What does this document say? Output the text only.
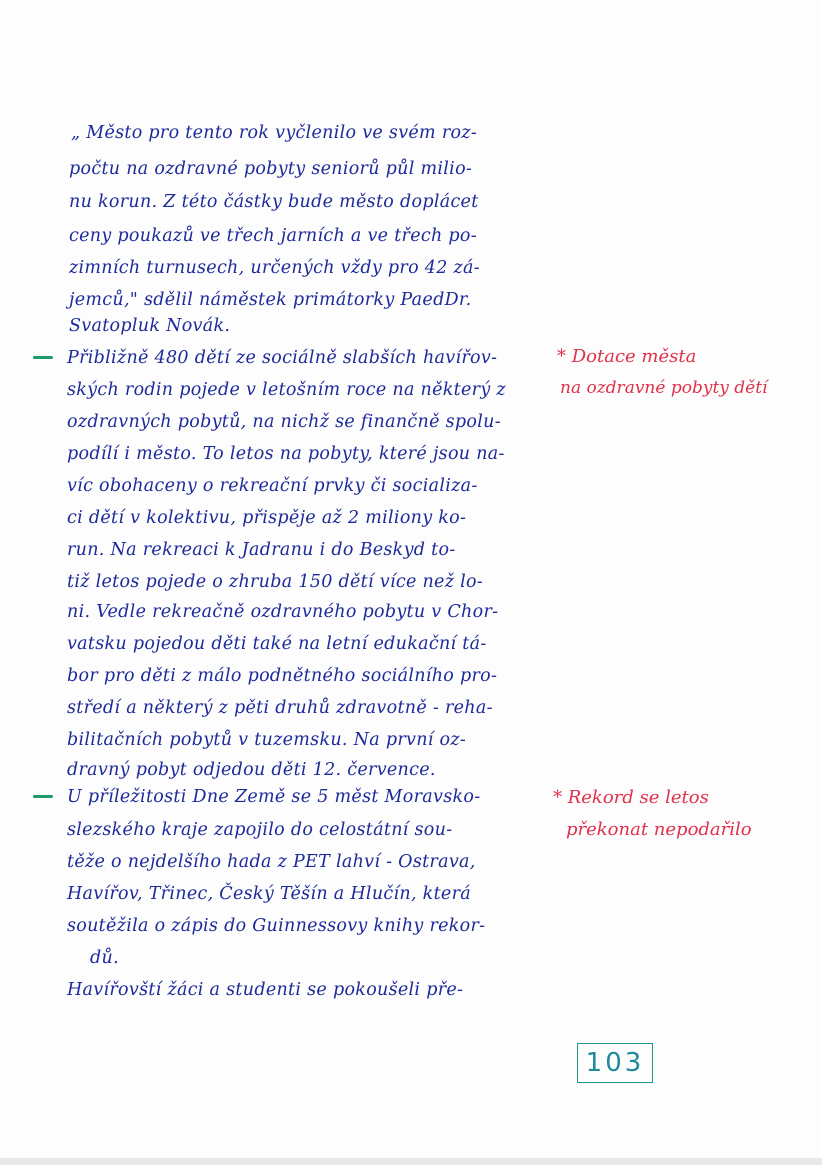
„ Město pro tento rok vyčlenilo ve svém roz-
počtu na ozdravné pobyty seniorů půl milio-
nu korun. Z této částky bude město doplácet
ceny poukazů ve třech jarních a ve třech po-
zimních turnusech, určených vždy pro 42 zá-
jemců," sdělil náměstek primátorky PaedDr.
Svatopluk Novák.
Přibližně 480 dětí ze sociálně slabších havířov-
ských rodin pojede v letošním roce na některý z
ozdravných pobytů, na nichž se finančně spolu-
podílí i město. To letos na pobyty, které jsou na-
víc obohaceny o rekreační prvky či socializa-
ci dětí v kolektivu, přispěje až 2 miliony ko-
run. Na rekreaci k Jadranu i do Beskyd to-
tiž letos pojede o zhruba 150 dětí více než lo-
ni. Vedle rekreačně ozdravného pobytu v Chor-
vatsku pojedou děti také na letní edukační tá-
bor pro děti z málo podnětného sociálního pro-
středí a některý z pěti druhů zdravotně - reha-
bilitačních pobytů v tuzemsku. Na první oz-
dravný pobyt odjedou děti 12. července.
U příležitosti Dne Země se 5 měst Moravsko-
slezského kraje zapojilo do celostátní sou-
těže o nejdelšího hada z PET lahví - Ostrava,
Havířov, Třinec, Český Těšín a Hlučín, která
soutěžila o zápis do Guinnessovy knihy rekor-
dů.
Havířovští žáci a studenti se pokoušeli pře-
* Dotace města
na ozdravné pobyty dětí
* Rekord se letos
překonat nepodařilo
103
